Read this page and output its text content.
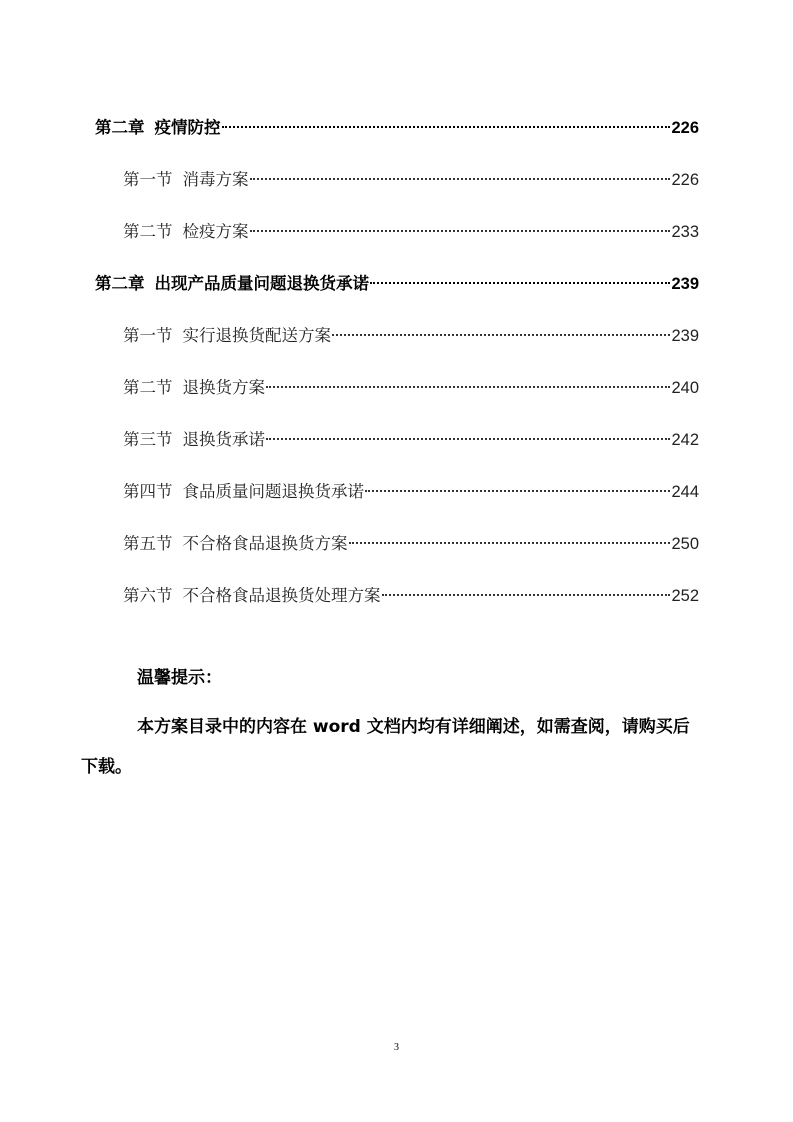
第二章 疫情防控	226
第一节 消毒方案	226
第二节 检疫方案	233
第二章 出现产品质量问题退换货承诺	239
第一节 实行退换货配送方案	239
第二节 退换货方案	240
第三节 退换货承诺	242
第四节 食品质量问题退换货承诺	244
第五节 不合格食品退换货方案	250
第六节 不合格食品退换货处理方案	252
温馨提示：
本方案目录中的内容在 word 文档内均有详细阐述，如需查阅，请购买后下载。
3
